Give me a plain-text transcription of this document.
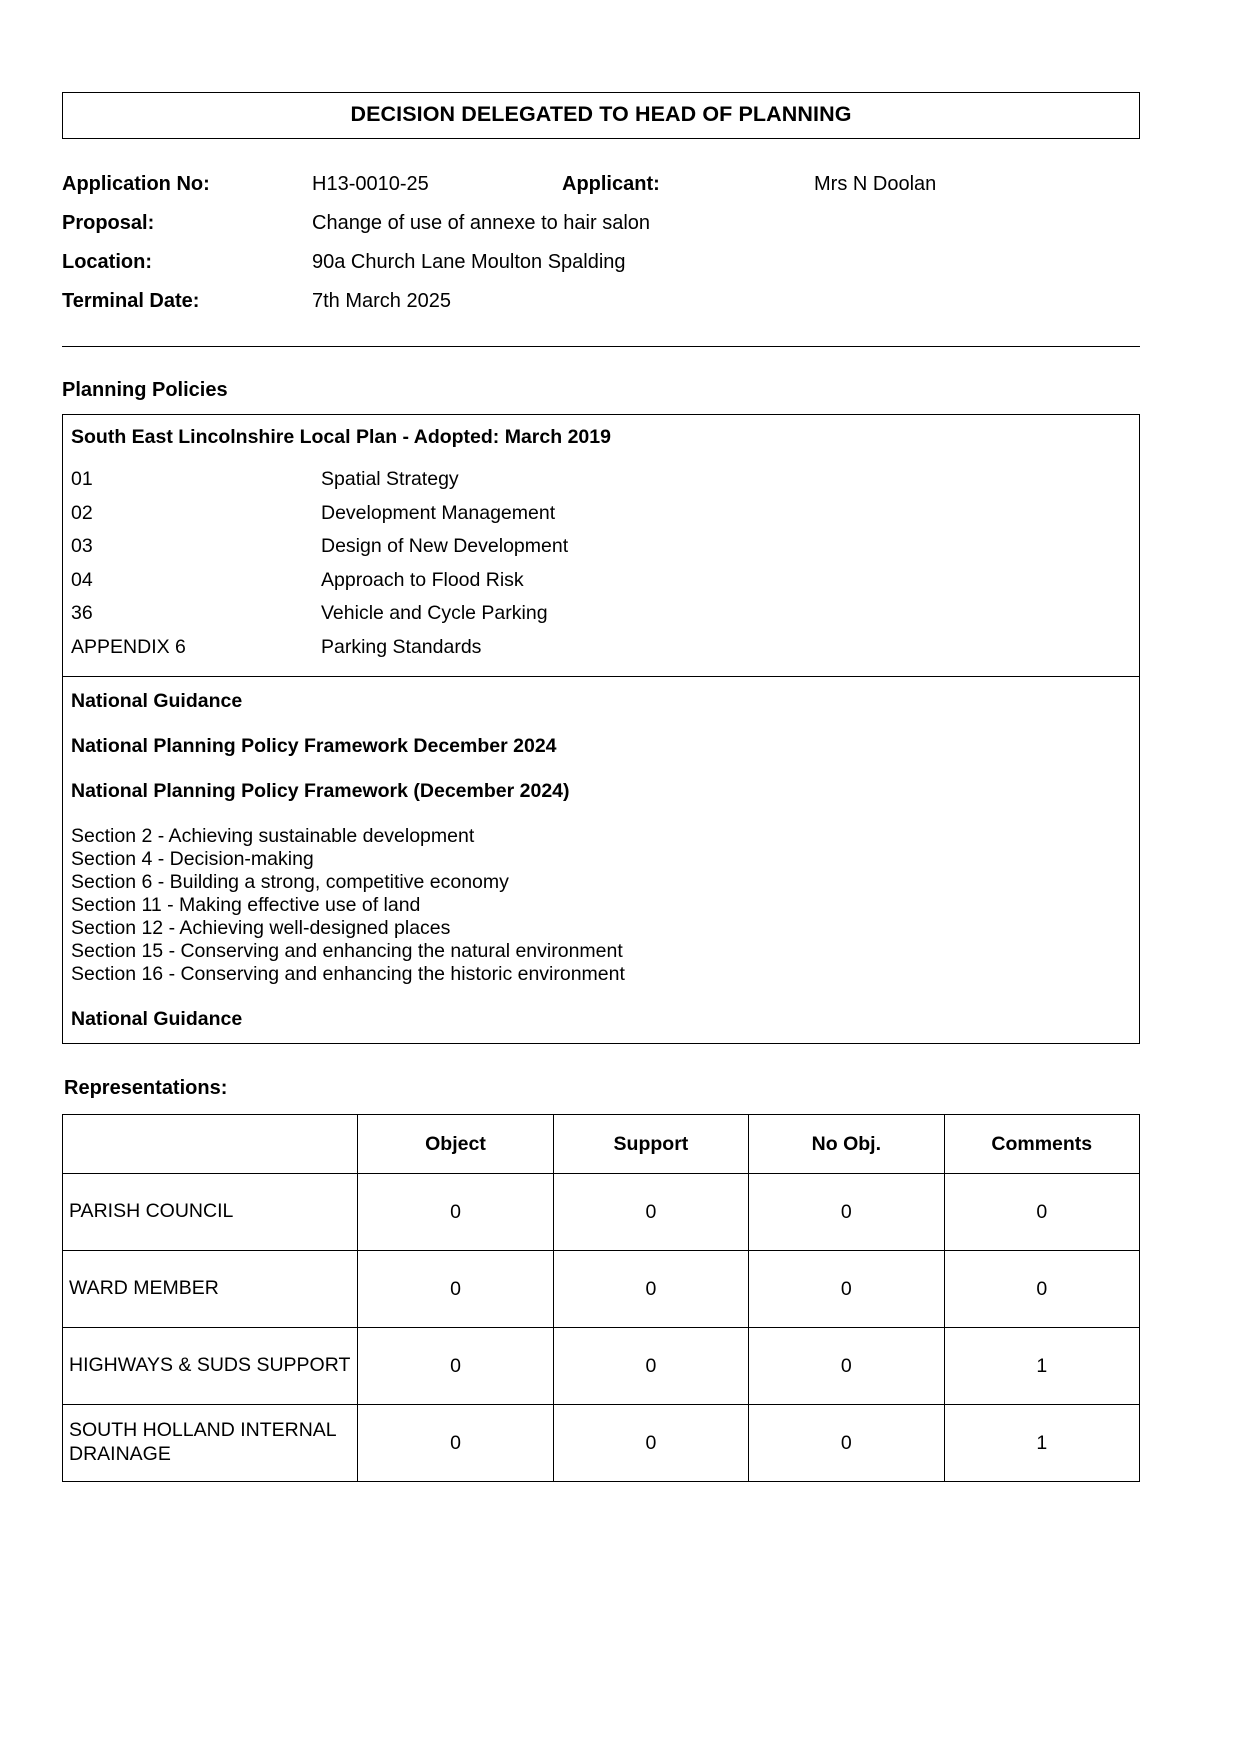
DECISION DELEGATED TO HEAD OF PLANNING
Application No:	H13-0010-25	Applicant:	Mrs N Doolan
Proposal:	Change of use of annexe to hair salon
Location:	90a Church Lane Moulton Spalding
Terminal Date:	7th March 2025
Planning Policies
South East Lincolnshire Local Plan - Adopted: March 2019
01	Spatial Strategy
02	Development Management
03	Design of New Development
04	Approach to Flood Risk
36	Vehicle and Cycle Parking
APPENDIX 6	Parking Standards
National Guidance
National Planning Policy Framework December 2024
National Planning Policy Framework (December 2024)
Section 2 - Achieving sustainable development
Section 4 - Decision-making
Section 6 - Building a strong, competitive economy
Section 11 - Making effective use of land
Section 12 - Achieving well-designed places
Section 15 - Conserving and enhancing the natural environment
Section 16 - Conserving and enhancing the historic environment
National Guidance
Representations:
	Object	Support	No Obj.	Comments
PARISH COUNCIL	0	0	0	0
WARD MEMBER	0	0	0	0
HIGHWAYS & SUDS SUPPORT	0	0	0	1
SOUTH HOLLAND INTERNAL DRAINAGE	0	0	0	1
